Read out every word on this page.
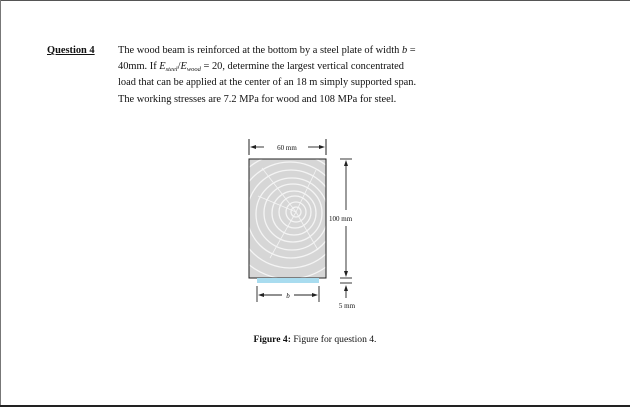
Question 4	The wood beam is reinforced at the bottom by a steel plate of width b =
40mm. If $E_{steel}/E_{wood} = 20$, determine the largest vertical concentrated
load that can be applied at the center of an 18 m simply supported span.
The working stresses are 7.2 MPa for wood and 108 MPa for steel.
60 mm
100 mm
b
5 mm
Figure 4: Figure for question 4.
